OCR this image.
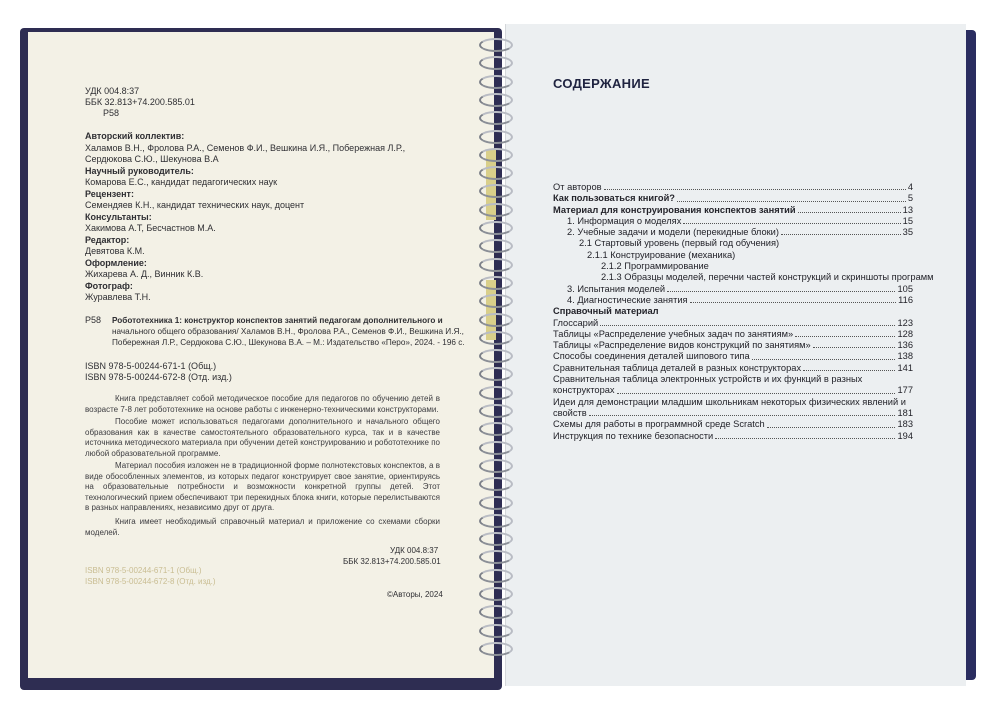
УДК 004.8:37
ББК 32.813+74.200.585.01
Р58
Авторский коллектив:
Халамов В.Н., Фролова Р.А., Семенов Ф.И., Вешкина И.Я., Побережная Л.Р.,
Сердюкова С.Ю., Шекунова В.А
Научный руководитель:
Комарова Е.С., кандидат педагогических наук
Рецензент:
Семендяев К.Н., кандидат технических наук, доцент
Консультанты:
Хакимова А.Т, Бесчастнов М.А.
Редактор:
Девятова К.М.
Оформление:
Жихарева А. Д., Винник К.В.
Фотограф:
Журавлева Т.Н.
Р58 Робототехника 1: конструктор конспектов занятий педагогам дополнительного и
начального общего образования/ Халамов В.Н., Фролова Р.А., Семенов Ф.И., Вешкина И.Я.,
Побережная Л.Р., Сердюкова С.Ю., Шекунова В.А. – М.: Издательство «Перо», 2024. - 196 с.
ISBN 978-5-00244-671-1 (Общ.)
ISBN 978-5-00244-672-8 (Отд. изд.)
Книга представляет собой методическое пособие для педагогов по обучению детей в возрасте 7-8 лет робототехнике на основе работы с инженерно-техническими конструкторами.
Пособие может использоваться педагогами дополнительного и начального общего образования как в качестве самостоятельного образовательного курса, так и в качестве источника методического материала при обучении детей конструированию и робототехнике по любой образовательной программе.
Материал пособия изложен не в традиционной форме полнотекстовых конспектов, а в виде обособленных элементов, из которых педагог конструирует свое занятие, ориентируясь на образовательные потребности и возможности конкретной группы детей. Этот технологический прием обеспечивают три перекидных блока книги, которые перелистываются в разных направлениях, независимо друг от друга.
Книга имеет необходимый справочный материал и приложение со схемами сборки моделей.
УДК 004.8:37
ББК 32.813+74.200.585.01
ISBN 978-5-00244-671-1 (Общ.)
ISBN 978-5-00244-672-8 (Отд. изд.)
©Авторы, 2024
СОДЕРЖАНИЕ
От авторов	4
Как пользоваться книгой?	5
Материал для конструирования конспектов занятий	13
1. Информация о моделях	15
2. Учебные задачи и модели (перекидные блоки)	35
2.1 Стартовый уровень (первый год обучения)
2.1.1 Конструирование (механика)
2.1.2 Программирование
2.1.3 Образцы моделей, перечни частей конструкций и скриншоты программ
3. Испытания моделей	105
4. Диагностические занятия	116
Справочный материал
Глоссарий	123
Таблицы «Распределение учебных задач по занятиям»	128
Таблицы «Распределение видов конструкций по занятиям»	136
Способы соединения деталей шипового типа	138
Сравнительная таблица деталей в разных конструкторах	141
Сравнительная таблица электронных устройств и их функций в разных
конструкторах	177
Идеи для демонстрации младшим школьникам некоторых физических явлений и
свойств	181
Схемы для работы в программной среде Scratch	183
Инструкция по технике безопасности	194
